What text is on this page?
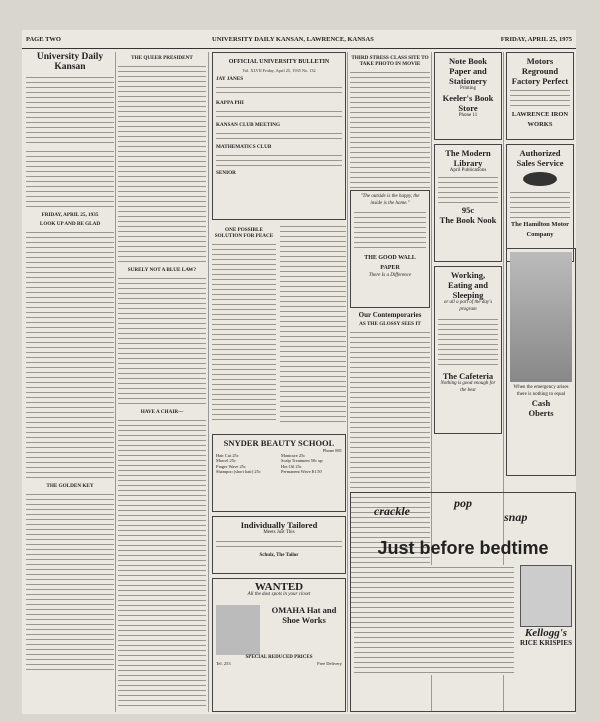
PAGE TWO	UNIVERSITY DAILY KANSAN, LAWRENCE, KANSAS	FRIDAY, APRIL 25, 1975
University Daily Kansan
FRIDAY, APRIL 25, 1935
LOOK UP AND BE GLAD
THE GOLDEN KEY
THE QUEER PRESIDENT
SURELY NOT A BLUE LAW?
HAVE A CHAIR—
OFFICIAL UNIVERSITY BULLETIN
Vol. XLVII Friday, April 25, 1935 No. 132
JAY JANES
KAPPA PHI
KANSAN CLUB MEETING
MATHEMATICS CLUB
SENIOR
ONE POSSIBLE SOLUTION FOR PEACE
SNYDER BEAUTY SCHOOL
Phone 881
Hair Cut 25c
Marcel 25c
Finger Wave 25c
Shampoo (short hair) 25c
Manicure 25c
Scalp Treatment 50c up
Hot Oil 25c
Permanent Wave $1.50
Individually Tailored
Meets Just This
Schulz, The Tailor
WANTED
All the dust spots in your closet
OMAHA Hat and Shoe Works
SPECIAL REDUCED PRICES
Tel. 253	Free Delivery
THIRD STRESS CLASS SITE TO TAKE PHOTO IN MOVIE
"The outside is the happy, the inside is the home."
THE GOOD WALL PAPER
There Is a Difference
Our Contemporaries
AS THE GLOSSY SEES IT
Note Book Paper and Stationery
Printing
Keeler's Book Store
Phone 11
The Modern Library
April Publications
95c
The Book Nook
Working, Eating and Sleeping
or all a part of the day's program
The Cafeteria
Nothing is good enough for the best
Motors Reground Factory Perfect
LAWRENCE IRON WORKS
Authorized Sales Service
The Hamilton Motor Company
When the emergency arises there is nothing to equal
Cash
Oberts
crackle
pop
snap
Just before bedtime
Kellogg's
RICE KRISPIES
